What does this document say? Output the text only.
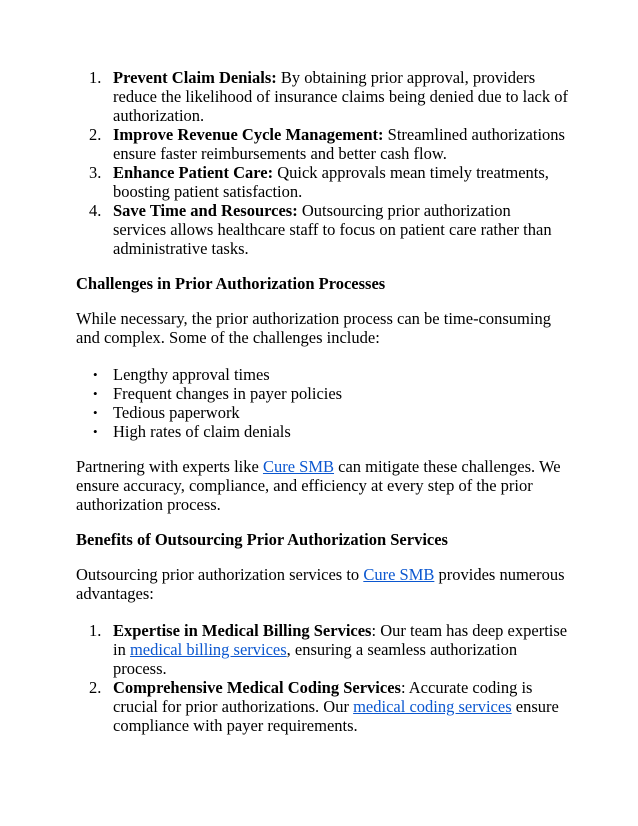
1. Prevent Claim Denials: By obtaining prior approval, providers reduce the likelihood of insurance claims being denied due to lack of authorization.
2. Improve Revenue Cycle Management: Streamlined authorizations ensure faster reimbursements and better cash flow.
3. Enhance Patient Care: Quick approvals mean timely treatments, boosting patient satisfaction.
4. Save Time and Resources: Outsourcing prior authorization services allows healthcare staff to focus on patient care rather than administrative tasks.
Challenges in Prior Authorization Processes

While necessary, the prior authorization process can be time-consuming and complex. Some of the challenges include:

• Lengthy approval times
• Frequent changes in payer policies
• Tedious paperwork
• High rates of claim denials

Partnering with experts like Cure SMB can mitigate these challenges. We ensure accuracy, compliance, and efficiency at every step of the prior authorization process.

Benefits of Outsourcing Prior Authorization Services

Outsourcing prior authorization services to Cure SMB provides numerous advantages:

1. Expertise in Medical Billing Services: Our team has deep expertise in medical billing services, ensuring a seamless authorization process.
2. Comprehensive Medical Coding Services: Accurate coding is crucial for prior authorizations. Our medical coding services ensure compliance with payer requirements.
